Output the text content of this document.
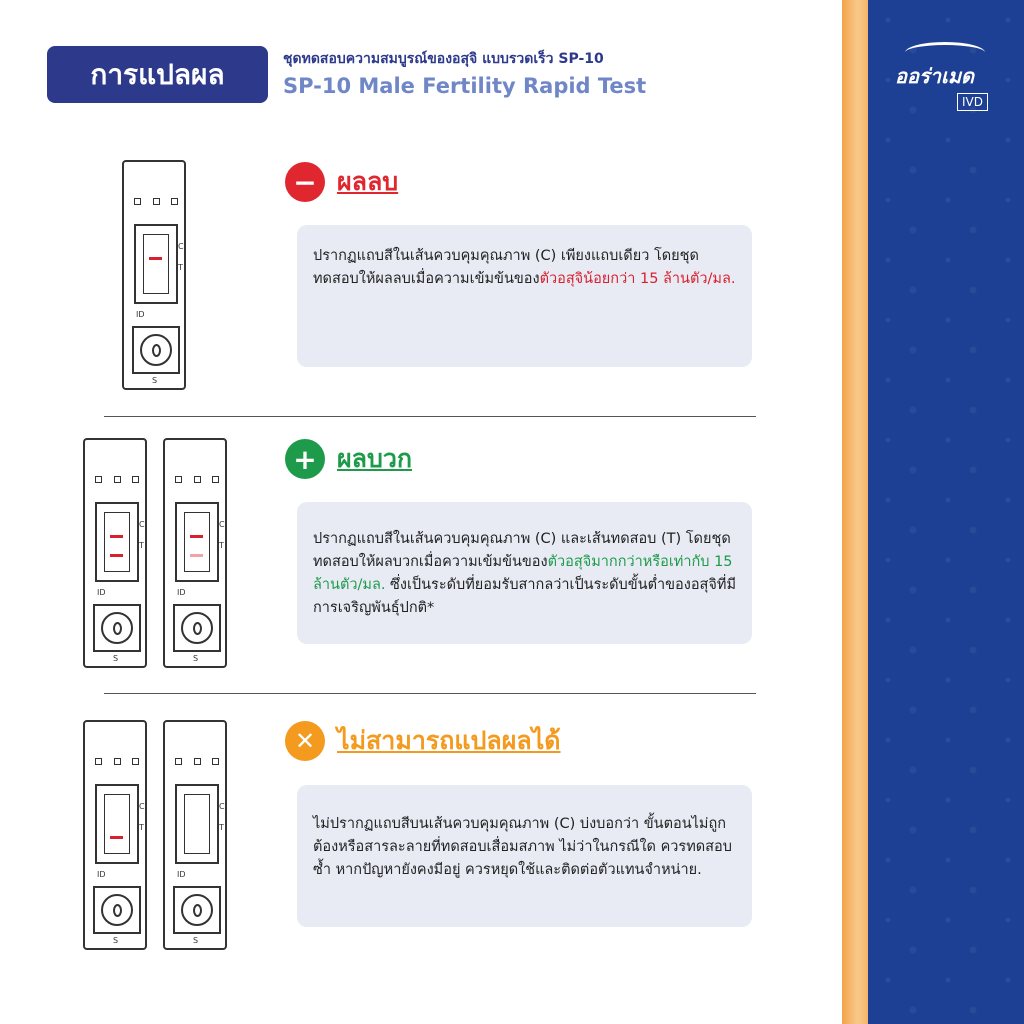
ออร่าเมด
IVD
การแปลผล	ชุดทดสอบความสมบูรณ์ของอสุจิ แบบรวดเร็ว SP-10
SP-10 Male Fertility Rapid Test
C
T
ID
S
− ผลลบ
ปรากฏแถบสีในเส้นควบคุมคุณภาพ (C) เพียงแถบเดียว โดยชุดทดสอบให้ผลลบเมื่อความเข้มข้นของตัวอสุจิน้อยกว่า 15 ล้านตัว/มล.
C
T
ID
S
C
T
ID
S
+ ผลบวก
ปรากฏแถบสีในเส้นควบคุมคุณภาพ (C) และเส้นทดสอบ (T) โดยชุดทดสอบให้ผลบวกเมื่อความเข้มข้นของตัวอสุจิมากกว่าหรือเท่ากับ 15 ล้านตัว/มล. ซึ่งเป็นระดับที่ยอมรับสากลว่าเป็นระดับขั้นต่ำของอสุจิที่มีการเจริญพันธุ์ปกติ*
C
T
ID
S
C
T
ID
S
✕ ไม่สามารถแปลผลได้
ไม่ปรากฏแถบสีบนเส้นควบคุมคุณภาพ (C) บ่งบอกว่า ขั้นตอนไม่ถูกต้องหรือสารละลายที่ทดสอบเสื่อมสภาพ ไม่ว่าในกรณีใด ควรทดสอบซ้ำ หากปัญหายังคงมีอยู่ ควรหยุดใช้และติดต่อตัวแทนจำหน่าย.
